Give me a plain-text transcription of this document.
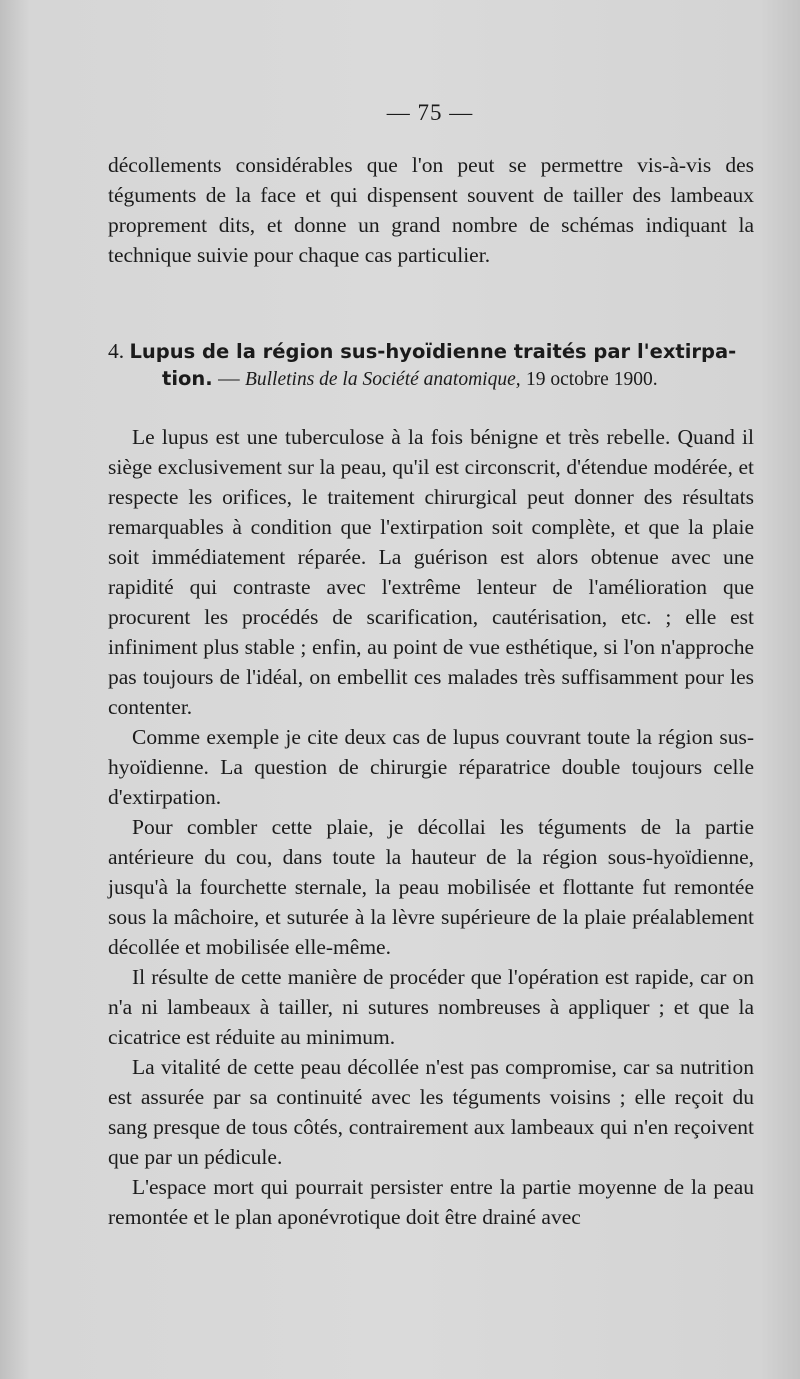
— 75 —

décollements considérables que l'on peut se permettre vis-à-vis des téguments de la face et qui dispensent souvent de tailler des lambeaux proprement dits, et donne un grand nombre de schémas indiquant la technique suivie pour chaque cas particulier.

4. Lupus de la région sus-hyoïdienne traités par l'extirpa-
tion. — Bulletins de la Société anatomique, 19 octobre 1900.

Le lupus est une tuberculose à la fois bénigne et très rebelle. Quand il siège exclusivement sur la peau, qu'il est circonscrit, d'étendue modérée, et respecte les orifices, le traitement chirurgical peut donner des résultats remarquables à condition que l'extirpation soit complète, et que la plaie soit immédiatement réparée. La guérison est alors obtenue avec une rapidité qui contraste avec l'extrême lenteur de l'amélioration que procurent les procédés de scarification, cautérisation, etc. ; elle est infiniment plus stable ; enfin, au point de vue esthétique, si l'on n'approche pas toujours de l'idéal, on embellit ces malades très suffisamment pour les contenter.

Comme exemple je cite deux cas de lupus couvrant toute la région sus-hyoïdienne. La question de chirurgie réparatrice double toujours celle d'extirpation.

Pour combler cette plaie, je décollai les téguments de la partie antérieure du cou, dans toute la hauteur de la région sous-hyoïdienne, jusqu'à la fourchette sternale, la peau mobilisée et flottante fut remontée sous la mâchoire, et suturée à la lèvre supérieure de la plaie préalablement décollée et mobilisée elle-même.

Il résulte de cette manière de procéder que l'opération est rapide, car on n'a ni lambeaux à tailler, ni sutures nombreuses à appliquer ; et que la cicatrice est réduite au minimum.

La vitalité de cette peau décollée n'est pas compromise, car sa nutrition est assurée par sa continuité avec les téguments voisins ; elle reçoit du sang presque de tous côtés, contrairement aux lambeaux qui n'en reçoivent que par un pédicule.

L'espace mort qui pourrait persister entre la partie moyenne de la peau remontée et le plan aponévrotique doit être drainé avec
